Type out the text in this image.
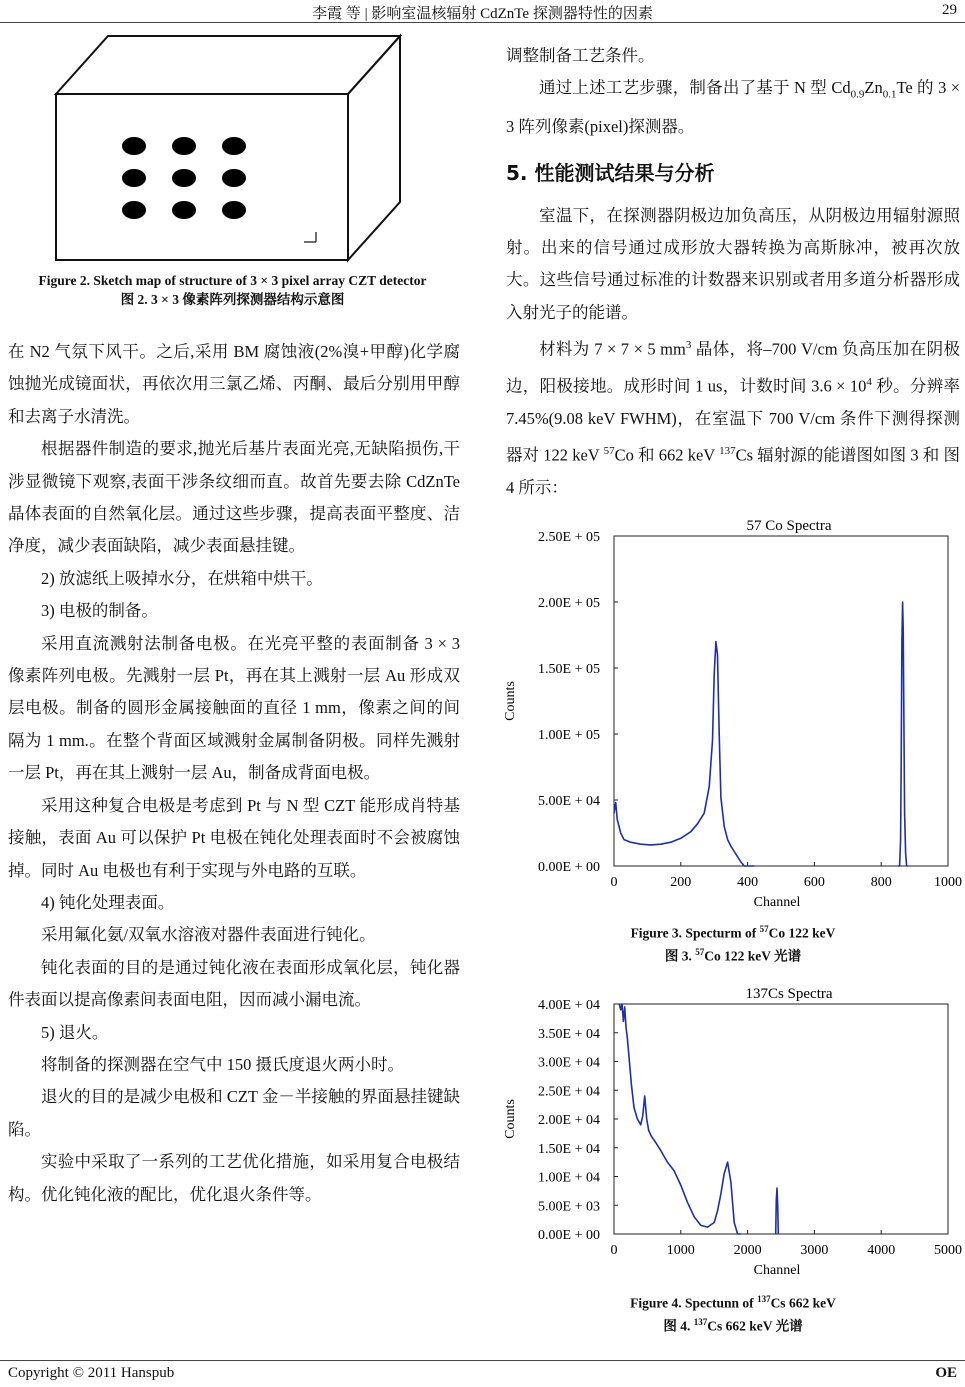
李霞 等 | 影响室温核辐射 CdZnTe 探测器特性的因素	29
Figure 2. Sketch map of structure of 3 × 3 pixel array CZT detector
图 2. 3 × 3 像素阵列探测器结构示意图

在 N2 气氛下风干。之后,采用 BM 腐蚀液(2%溴+甲醇)化学腐蚀抛光成镜面状，再依次用三氯乙烯、丙酮、最后分别用甲醇和去离子水清洗。

根据器件制造的要求,抛光后基片表面光亮,无缺陷损伤,干涉显微镜下观察,表面干涉条纹细而直。故首先要去除 CdZnTe 晶体表面的自然氧化层。通过这些步骤，提高表面平整度、洁净度，减少表面缺陷，减少表面悬挂键。

2) 放滤纸上吸掉水分，在烘箱中烘干。

3) 电极的制备。

采用直流溅射法制备电极。在光亮平整的表面制备 3 × 3 像素阵列电极。先溅射一层 Pt，再在其上溅射一层 Au 形成双层电极。制备的圆形金属接触面的直径 1 mm，像素之间的间隔为 1 mm.。在整个背面区域溅射金属制备阴极。同样先溅射一层 Pt，再在其上溅射一层 Au，制备成背面电极。

采用这种复合电极是考虑到 Pt 与 N 型 CZT 能形成肖特基接触，表面 Au 可以保护 Pt 电极在钝化处理表面时不会被腐蚀掉。同时 Au 电极也有利于实现与外电路的互联。

4) 钝化处理表面。

采用氟化氨/双氧水溶液对器件表面进行钝化。

钝化表面的目的是通过钝化液在表面形成氧化层，钝化器件表面以提高像素间表面电阻，因而减小漏电流。

5) 退火。

将制备的探测器在空气中 150 摄氏度退火两小时。

退火的目的是减少电极和 CZT 金－半接触的界面悬挂键缺陷。

实验中采取了一系列的工艺优化措施，如采用复合电极结构。优化钝化液的配比，优化退火条件等。

调整制备工艺条件。

通过上述工艺步骤，制备出了基于 N 型 $Cd_{0.9}Zn_{0.1}Te$ 的 3 × 3 阵列像素(pixel)探测器。

5. 性能测试结果与分析

室温下，在探测器阴极边加负高压，从阴极边用辐射源照射。出来的信号通过成形放大器转换为高斯脉冲，被再次放大。这些信号通过标准的计数器来识别或者用多道分析器形成入射光子的能谱。

材料为 7 × 7 × 5 $mm^3$ 晶体，将–700 V/cm 负高压加在阴极边，阳极接地。成形时间 1 us，计数时间 $3.6 \times 10^4$ 秒。分辨率 7.45%(9.08 keV FWHM)，在室温下 700 V/cm 条件下测得探测器对 122 keV $^{57}$Co 和 662 keV $^{137}$Cs 辐射源的能谱图如图 3 和 图 4 所示：

57 Co Spectra
0.00E + 00
5.00E + 04
1.00E + 05
1.50E + 05
2.00E + 05
2.50E + 05
0	200	400	600	800	1000
Channel
Counts
Figure 3. Specturm of $^{57}$Co 122 keV
图 3. $^{57}$Co 122 keV 光谱
137Cs Spectra
0.00E + 00
5.00E + 03
1.00E + 04
1.50E + 04
2.00E + 04
2.50E + 04
3.00E + 04
3.50E + 04
4.00E + 04
0	1000	2000	3000	4000	5000
Channel
Counts
Figure 4. Spectunn of $^{137}$Cs 662 keV
图 4. $^{137}$Cs 662 keV 光谱
Copyright © 2011 Hanspub	OE
